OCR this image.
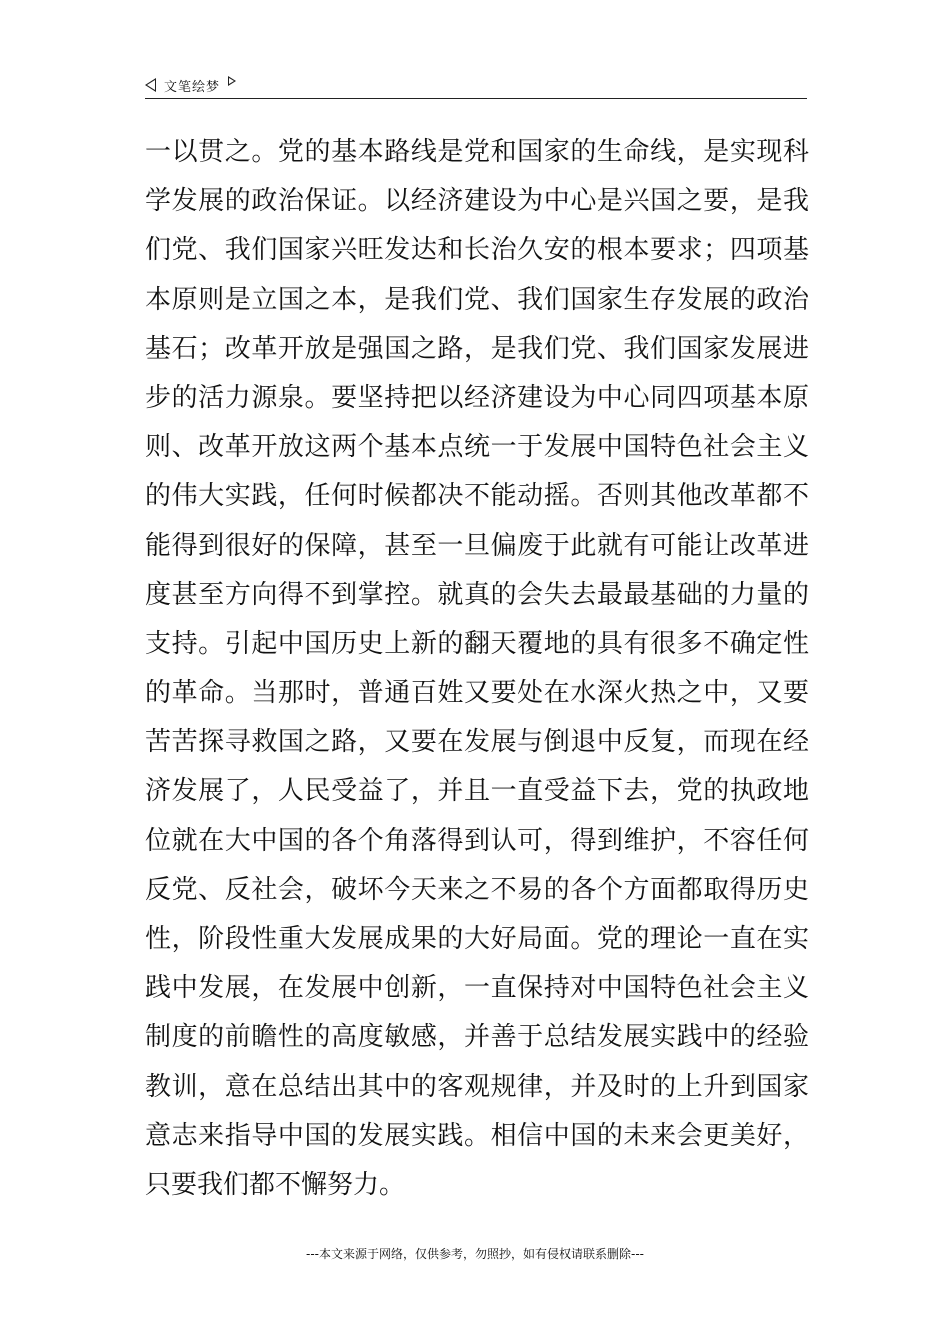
文笔绘梦
一以贯之。党的基本路线是党和国家的生命线，是实现科
学发展的政治保证。以经济建设为中心是兴国之要，是我
们党、我们国家兴旺发达和长治久安的根本要求；四项基
本原则是立国之本，是我们党、我们国家生存发展的政治
基石；改革开放是强国之路，是我们党、我们国家发展进
步的活力源泉。要坚持把以经济建设为中心同四项基本原
则、改革开放这两个基本点统一于发展中国特色社会主义
的伟大实践，任何时候都决不能动摇。否则其他改革都不
能得到很好的保障，甚至一旦偏废于此就有可能让改革进
度甚至方向得不到掌控。就真的会失去最最基础的力量的
支持。引起中国历史上新的翻天覆地的具有很多不确定性
的革命。当那时，普通百姓又要处在水深火热之中，又要
苦苦探寻救国之路，又要在发展与倒退中反复，而现在经
济发展了，人民受益了，并且一直受益下去，党的执政地
位就在大中国的各个角落得到认可，得到维护，不容任何
反党、反社会，破坏今天来之不易的各个方面都取得历史
性，阶段性重大发展成果的大好局面。党的理论一直在实
践中发展，在发展中创新，一直保持对中国特色社会主义
制度的前瞻性的高度敏感，并善于总结发展实践中的经验
教训，意在总结出其中的客观规律，并及时的上升到国家
意志来指导中国的发展实践。相信中国的未来会更美好，
只要我们都不懈努力。
---本文来源于网络，仅供参考，勿照抄，如有侵权请联系删除---
